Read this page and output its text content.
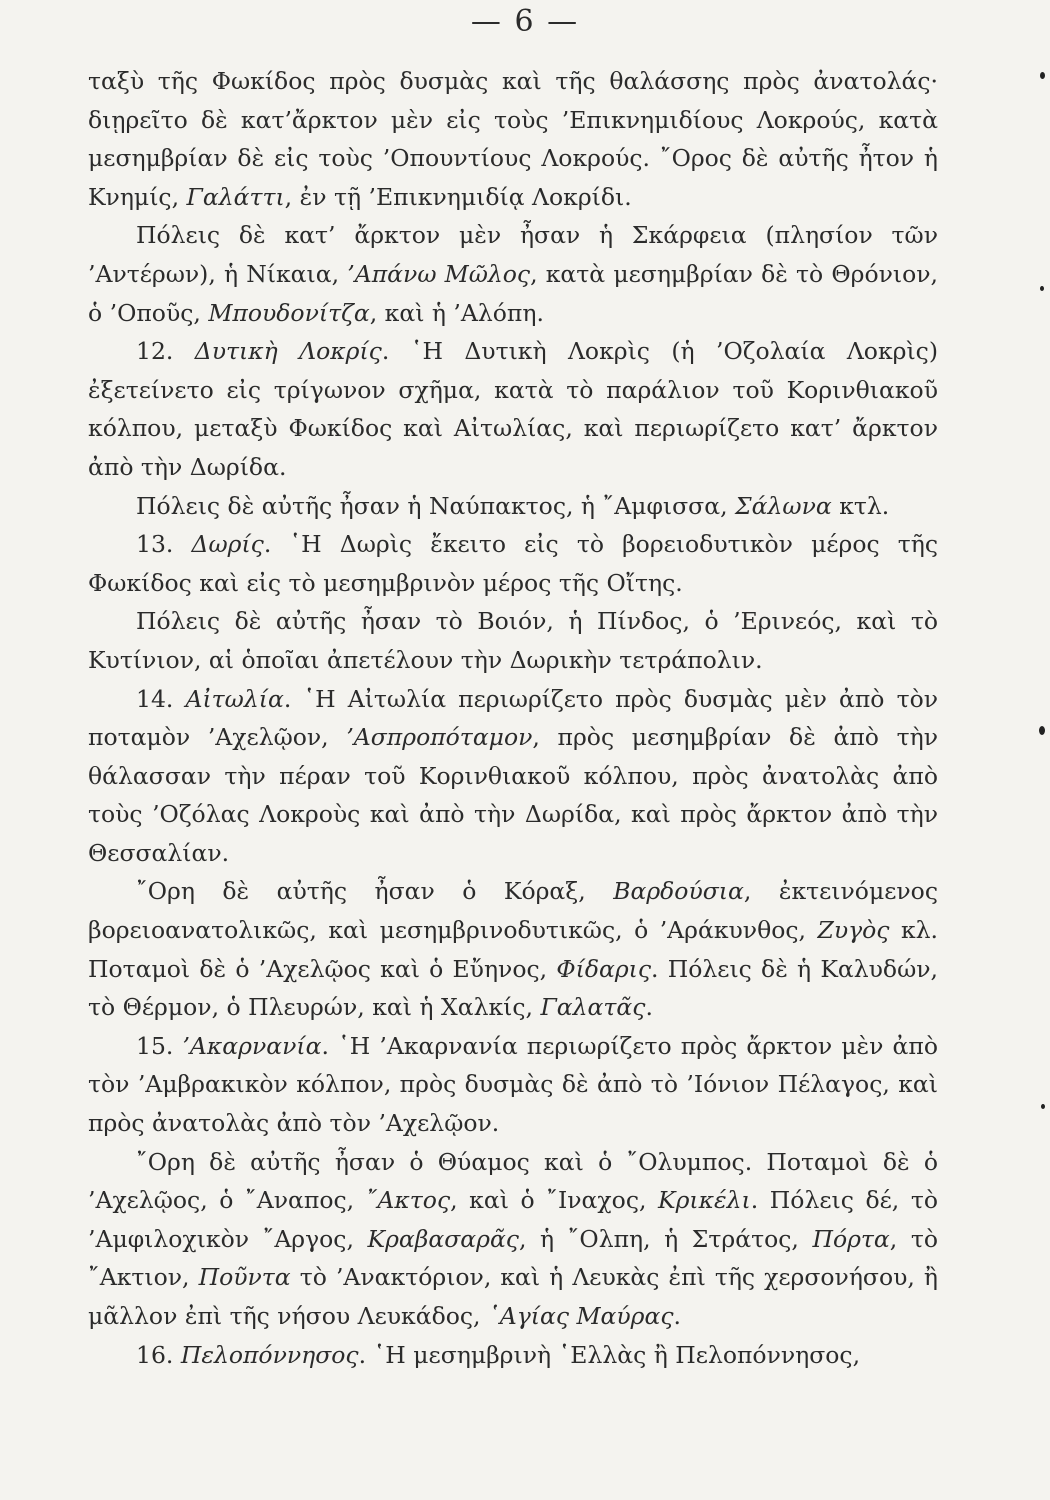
— 6 —

ταξὺ τῆς Φωκίδος πρὸς δυσμὰς καὶ τῆς θαλάσσης πρὸς ἀνατολάς· διῃρεῖτο δὲ κατ’ἄρκτον μὲν εἰς τοὺς ’Επικνημιδίους Λοκρούς, κατὰ μεσημβρίαν δὲ εἰς τοὺς ’Οπουντίους Λοκρούς. ῎Ορος δὲ αὐτῆς ἦτον ἡ Κνημίς, Γαλάττι, ἐν τῇ ’Επικνημιδίᾳ Λοκρίδι.

Πόλεις δὲ κατ’ ἄρκτον μὲν ἦσαν ἡ Σκάρφεια (πλησίον τῶν ’Αντέρων), ἡ Νίκαια, ’Απάνω Μῶλος, κατὰ μεσημβρίαν δὲ τὸ Θρόνιον, ὁ ’Οποῦς, Μπουδονίτζα, καὶ ἡ ’Αλόπη.

12. Δυτικὴ Λοκρίς. ῾Η Δυτικὴ Λοκρὶς (ἡ ’Οζολαία Λοκρὶς) ἐξετείνετο εἰς τρίγωνον σχῆμα, κατὰ τὸ παράλιον τοῦ Κορινθιακοῦ κόλπου, μεταξὺ Φωκίδος καὶ Αἰτωλίας, καὶ περιωρίζετο κατ’ ἄρκτον ἀπὸ τὴν Δωρίδα.

Πόλεις δὲ αὐτῆς ἦσαν ἡ Ναύπακτος, ἡ ῎Αμφισσα, Σάλωνα κτλ.

13. Δωρίς. ῾Η Δωρὶς ἔκειτο εἰς τὸ βορειοδυτικὸν μέρος τῆς Φωκίδος καὶ εἰς τὸ μεσημβρινὸν μέρος τῆς Οἴτης.

Πόλεις δὲ αὐτῆς ἦσαν τὸ Βοιόν, ἡ Πίνδος, ὁ ’Ερινεός, καὶ τὸ Κυτίνιον, αἱ ὁποῖαι ἀπετέλουν τὴν Δωρικὴν τετράπολιν.

14. Αἰτωλία. ῾Η Αἰτωλία περιωρίζετο πρὸς δυσμὰς μὲν ἀπὸ τὸν ποταμὸν ’Αχελῷον, ’Ασπροπόταμον, πρὸς μεσημβρίαν δὲ ἀπὸ τὴν θάλασσαν τὴν πέραν τοῦ Κορινθιακοῦ κόλπου, πρὸς ἀνατολὰς ἀπὸ τοὺς ’Οζόλας Λοκροὺς καὶ ἀπὸ τὴν Δωρίδα, καὶ πρὸς ἄρκτον ἀπὸ τὴν Θεσσαλίαν.

῎Ορη δὲ αὐτῆς ἦσαν ὁ Κόραξ, Βαρδούσια, ἐκτεινόμενος βορειοανατολικῶς, καὶ μεσημβρινοδυτικῶς, ὁ ’Αράκυνθος, Ζυγὸς κλ. Ποταμοὶ δὲ ὁ ’Αχελῷος καὶ ὁ Εὔηνος, Φίδαρις. Πόλεις δὲ ἡ Καλυδών, τὸ Θέρμον, ὁ Πλευρών, καὶ ἡ Χαλκίς, Γαλατᾶς.

15. ’Ακαρνανία. ῾Η ’Ακαρνανία περιωρίζετο πρὸς ἄρκτον μὲν ἀπὸ τὸν ’Αμβρακικὸν κόλπον, πρὸς δυσμὰς δὲ ἀπὸ τὸ ’Ιόνιον Πέλαγος, καὶ πρὸς ἀνατολὰς ἀπὸ τὸν ’Αχελῷον.

῎Ορη δὲ αὐτῆς ἦσαν ὁ Θύαμος καὶ ὁ ῎Ολυμπος. Ποταμοὶ δὲ ὁ ’Αχελῷος, ὁ ῎Αναπος, ῎Ακτος, καὶ ὁ ῎Ιναχος, Κρικέλι. Πόλεις δέ, τὸ ’Αμφιλοχικὸν ῎Αργος, Κραβασαρᾶς, ἡ ῎Ολπη, ἡ Στράτος, Πόρτα, τὸ ῎Ακτιον, Ποῦντα τὸ ’Ανακτόριον, καὶ ἡ Λευκὰς ἐπὶ τῆς χερσονήσου, ἢ μᾶλλον ἐπὶ τῆς νήσου Λευκάδος, ῾Αγίας Μαύρας.

16. Πελοπόννησος. ῾Η μεσημβρινὴ ῾Ελλὰς ἢ Πελοπόννησος,
